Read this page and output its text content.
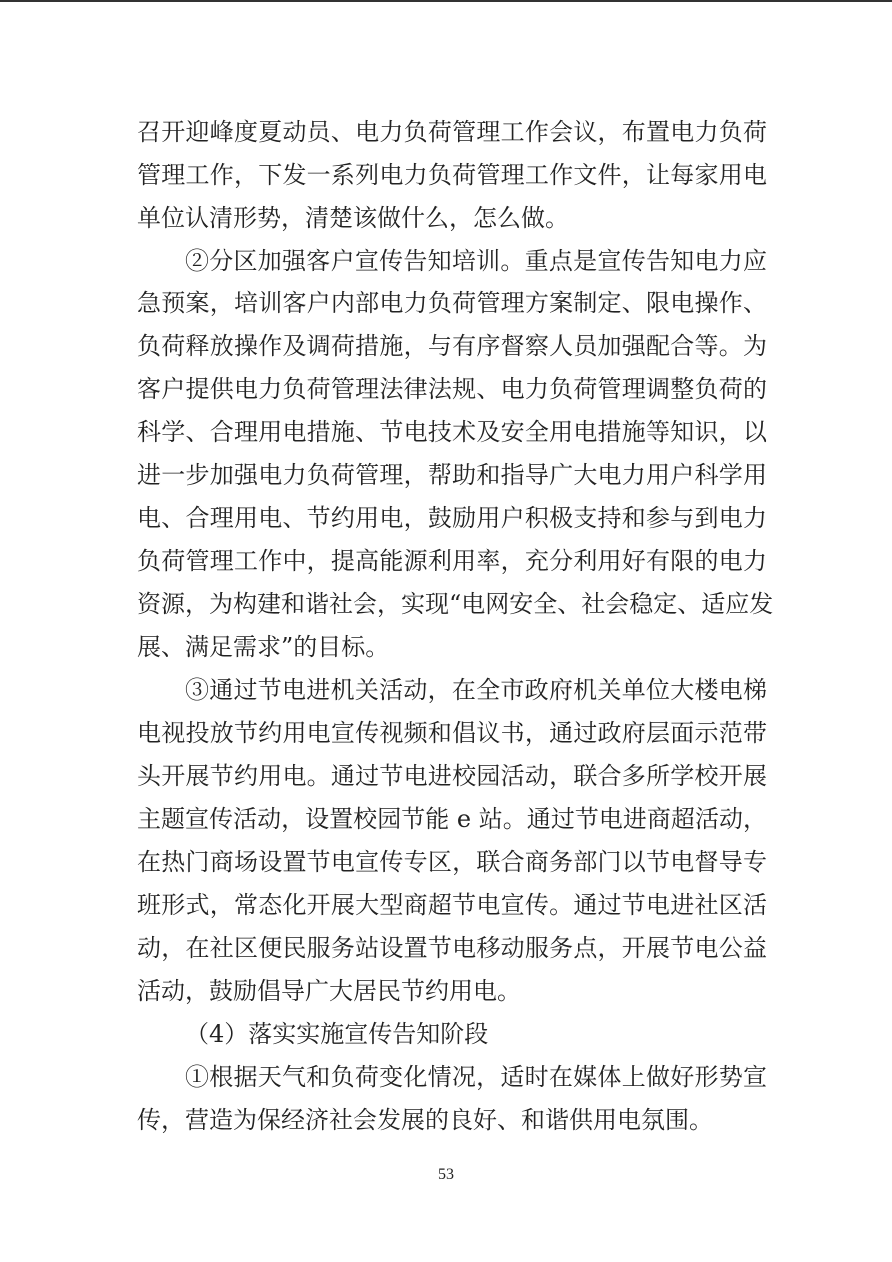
召开迎峰度夏动员、电力负荷管理工作会议，布置电力负荷
管理工作，下发一系列电力负荷管理工作文件，让每家用电
单位认清形势，清楚该做什么，怎么做。
②分区加强客户宣传告知培训。重点是宣传告知电力应
急预案，培训客户内部电力负荷管理方案制定、限电操作、
负荷释放操作及调荷措施，与有序督察人员加强配合等。为
客户提供电力负荷管理法律法规、电力负荷管理调整负荷的
科学、合理用电措施、节电技术及安全用电措施等知识，以
进一步加强电力负荷管理，帮助和指导广大电力用户科学用
电、合理用电、节约用电，鼓励用户积极支持和参与到电力
负荷管理工作中，提高能源利用率，充分利用好有限的电力
资源，为构建和谐社会，实现“电网安全、社会稳定、适应发
展、满足需求”的目标。
③通过节电进机关活动，在全市政府机关单位大楼电梯
电视投放节约用电宣传视频和倡议书，通过政府层面示范带
头开展节约用电。通过节电进校园活动，联合多所学校开展
主题宣传活动，设置校园节能 e 站。通过节电进商超活动，
在热门商场设置节电宣传专区，联合商务部门以节电督导专
班形式，常态化开展大型商超节电宣传。通过节电进社区活
动，在社区便民服务站设置节电移动服务点，开展节电公益
活动，鼓励倡导广大居民节约用电。
（4）落实实施宣传告知阶段
①根据天气和负荷变化情况，适时在媒体上做好形势宣
传，营造为保经济社会发展的良好、和谐供用电氛围。
53
